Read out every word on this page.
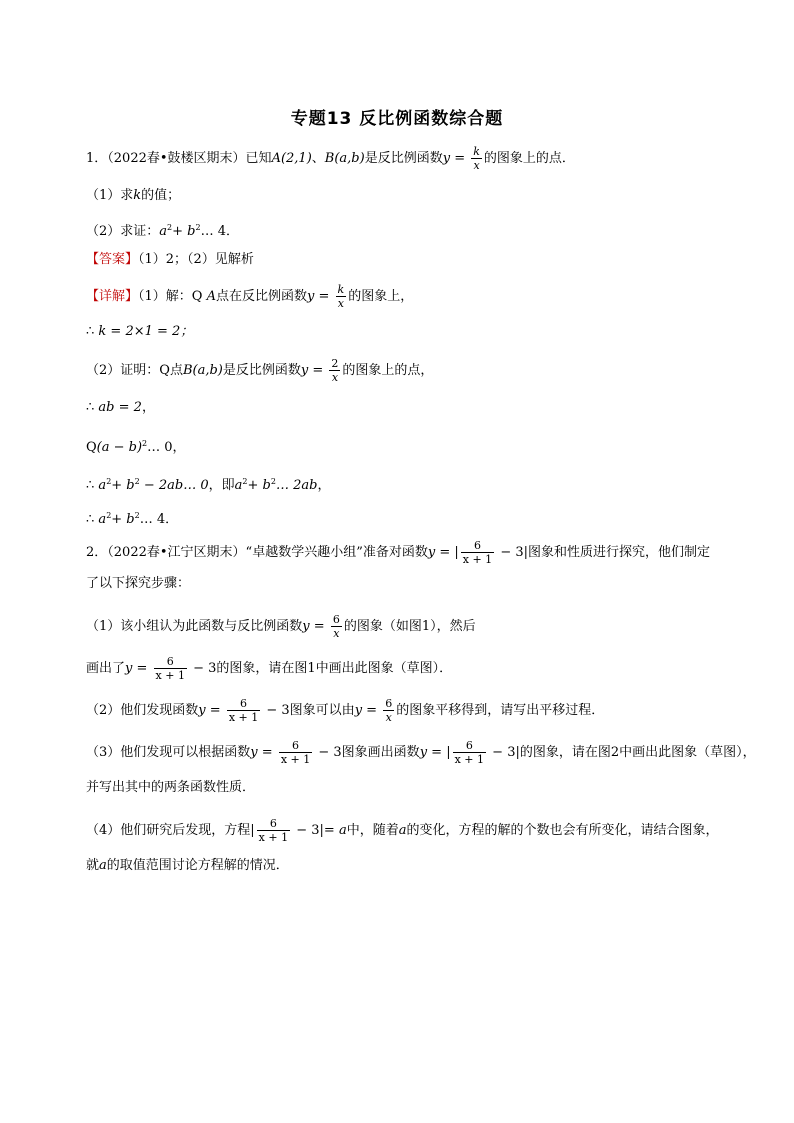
专题13 反比例函数综合题
1．（2022春•鼓楼区期末）已知A(2,1)、B(a,b)是反比例函数$y = \frac{k}{x}$ 的图象上的点．
（1）求k的值；
（2）求证：$a^2+$ $b^2\dots$ 4．
【答案】（1）2；（2）见解析
【详解】（1）解：Q A点在反比例函数$y = \frac{k}{x}$ 的图象上，
∴ k = 2×1 = 2；
（2）证明：Q点B(a,b)是反比例函数$y = \frac{2}{x}$ 的图象上的点，
∴ ab = 2，
$Q(a - b)^2\dots$ 0，
∴ $a^2+ b^2$ − 2ab… 0，即$a^2+$ $b^2\dots$ 2ab，
∴ $a^2+$ $b^2\dots$ 4．
2．（2022春•江宁区期末）“卓越数学兴趣小组”准备对函数y = | $\frac{6}{x + 1} - 3|$图象和性质进行探究，他们制定
了以下探究步骤：
（1）该小组认为此函数与反比例函数$y = \frac{6}{x}$ 的图象（如图1），然后
画出了$y = \frac{6}{x + 1} - 3$的图象，请在图1中画出此图象（草图）．
（2）他们发现函数$y = \frac{6}{x + 1} - 3$图象可以由$y = \frac{6}{x}$ 的图象平移得到，请写出平移过程．
（3）他们发现可以根据函数$y = \frac{6}{x + 1} - 3$图象画出函数y = | $\frac{6}{x + 1} - 3|$的图象，请在图2中画出此图象（草图），
并写出其中的两条函数性质．
（4）他们研究后发现，方程| $\frac{6}{x + 1} - 3|= a$中，随着a的变化，方程的解的个数也会有所变化，请结合图象，
就a的取值范围讨论方程解的情况．
